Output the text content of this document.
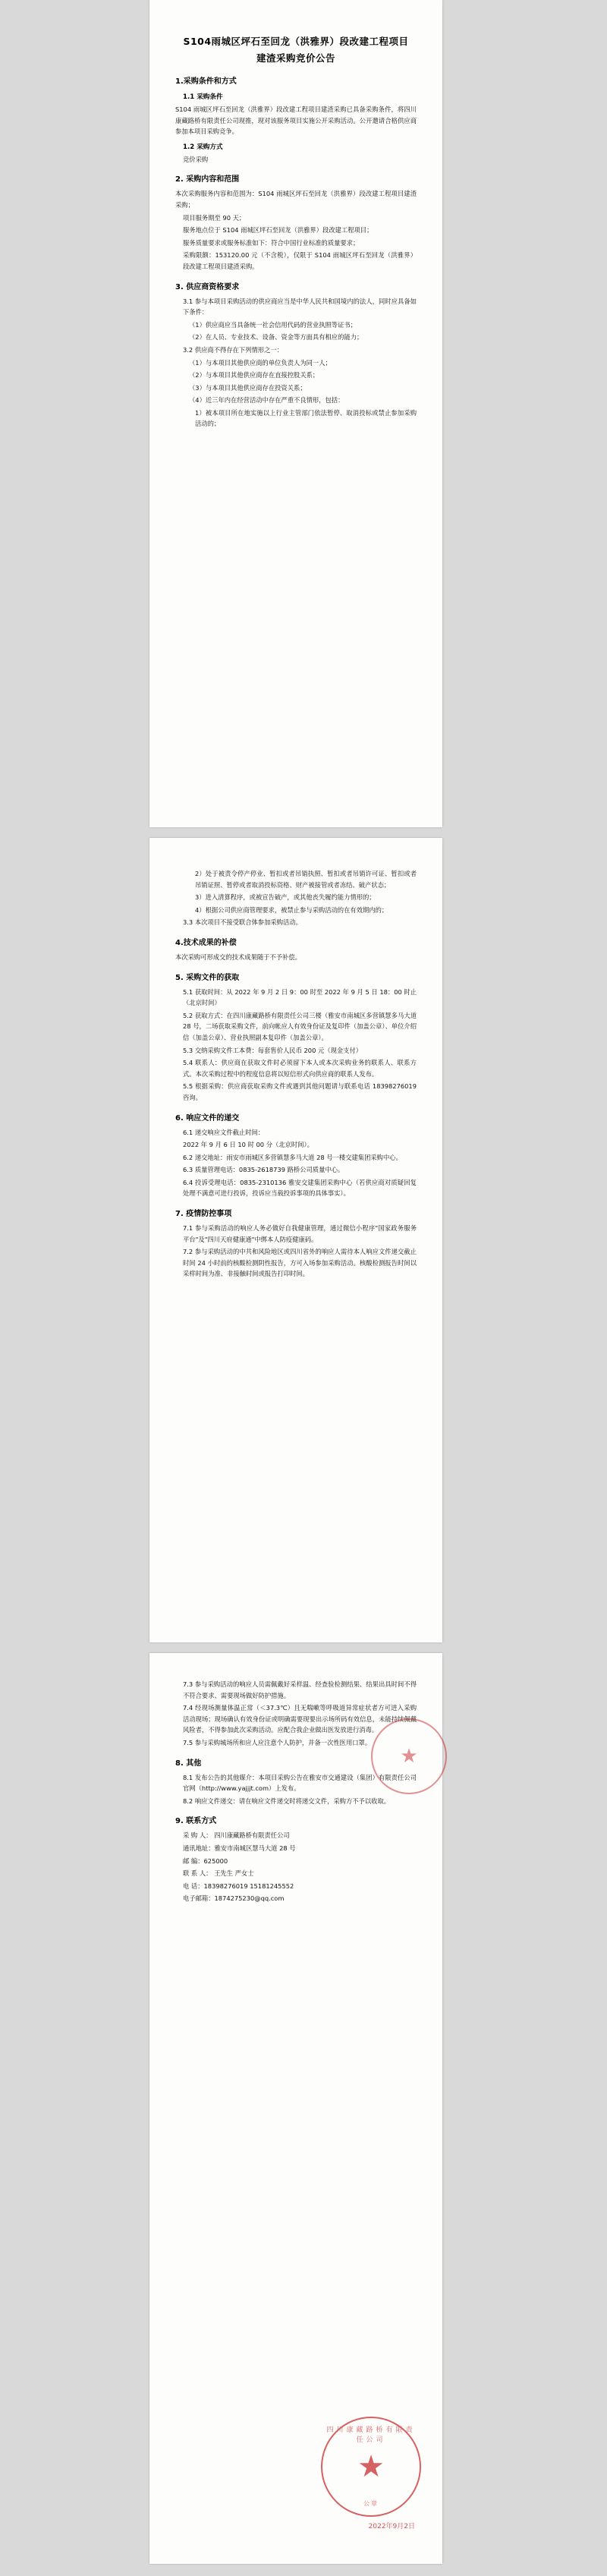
S104雨城区坪石至回龙（洪雅界）段改建工程项目
建渣采购竞价公告
1.采购条件和方式
1.1 采购条件

S104 雨城区坪石至回龙（洪雅界）段改建工程项目建渣采购已具备采购条件，将四川康藏路桥有限责任公司现推，现对该服务项目实施公开采购活动。公开邀请合格供应商参加本项目采购竞争。

1.2 采购方式

竞价采购

2. 采购内容和范围

本次采购服务内容和范围为：S104 雨城区坪石至回龙（洪雅界）段改建工程项目建渣采购；

项目服务期至 90 天；

服务地点位于 S104 雨城区坪石至回龙（洪雅界）段改建工程项目；

服务质量要求或服务标准如下：符合中国行业标准的质量要求；

采购限额：153120.00 元（不含税），仅限于 S104 雨城区坪石至回龙（洪雅界）段改建工程项目建渣采购。

3. 供应商资格要求

3.1 参与本项目采购活动的供应商应当是中华人民共和国境内的法人，同时应具备如下条件：

（1）供应商应当具备统一社会信用代码的营业执照等证书；

（2）在人员、专业技术、设备、资金等方面具有相应的能力；

3.2 供应商不得存在下列情形之一：

（1）与本项目其他供应商的单位负责人为同一人；

（2）与本项目其他供应商存在直接控股关系；

（3）与本项目其他供应商存在投资关系；

（4）近三年内在经营活动中存在严重不良情形，包括：

1）被本项目所在地实施以上行业主管部门依法暂停、取消投标或禁止参加采购活动的；

2）处于被责令停产停业、暂扣或者吊销执照、暂扣或者吊销许可证、暂扣或者吊销证照、暂停或者取消投标资格、财产被接管或者冻结、破产状态；

3）进入清算程序，或被宣告破产，或其他丧失履约能力情形的；

4）根据公司供应商管理要求，被禁止参与采购活动的在有效期内的；

3.3 本次项目不接受联合体参加采购活动。

4.技术成果的补偿

本次采购可形成交的技术成果随于不予补偿。

5. 采购文件的获取

5.1 获取时间：从 2022 年 9 月 2 日 9：00 时至 2022 年 9 月 5 日 18：00 时止（北京时间）

5.2 获取方式：在四川康藏路桥有限责任公司三楼（雅安市南城区多营镇慧多马大道 28 号，二场获取采购文件，前向帐应人有效身份证及复印件（加盖公章）、单位介绍信（加盖公章）、营业执照副本复印件（加盖公章）。

5.3 交纳采购文件工本费：每套售价人民币 200 元（现金支付）

5.4 联系人：供应商在获取文件时必须留下本人或本次采购业务的联系人、联系方式。本次采购过程中的程度信息将以短信形式向供应商的联系人发布。

5.5 根据采购：供应商获取采购文件或遇到其他问题请与联系电话 18398276019 咨询。

6. 响应文件的递交

6.1 递交响应文件截止时间：

2022 年 9 月 6 日 10 时 00 分（北京时间）。

6.2 递交地址：雨安市雨城区多营镇慧多马大道 28 号一楼交建集团采购中心。

6.3 质量管理电话：0835-2618739 路桥公司质量中心。

6.4 投诉受理电话：0835-2310136 雅安交建集团采购中心（若供应商对质疑回复处理不满意可进行投诉，投诉应当载投诉事项的具体事实）。

7. 疫情防控事项

7.1 参与采购活动的响应人务必做好自我健康管理，通过微信小程序"国家政务服务平台"及"四川天府健康通"中绑本人防疫健康码。

7.2 参与采购活动的中共和风险地区或四川省外的响应人需待本人响应文件递交截止时间 24 小时前的核酸检测阴性报告，方可入场参加采购活动。核酸检测报告时间以采样时间为准、非接触时间或报告打印时间。

7.3 参与采购活动的响应人员需佩戴好采样温、经查验检测结果、结果出具时间不得不符合要求、需要现场做好防护措施。

7.4 经现场测量体温正常（＜37.3℃）且无喘嗽等呼吸道异常症状者方可进入采购活动现场；现场确认有效身份证或明确需要现要出示场所码有效信息，未能持续佩戴风险者，不得参加此次采购活动。应配合我企业做出医发放进行消毒。

7.5 参与采购城场所和应人应注意个人防护，并备一次性医用口罩。

8. 其他

8.1 发布公告的其他媒介：本项目采购公告在雅安市交通建设（集团）有限责任公司官网（http://www.yajjjt.com）上发布。

8.2 响应文件递交：请在响应文件递交时将递交文件，采购方不予以收取。

9. 联系方式

采 购 人： 四川康藏路桥有限责任公司

通讯地址：雅安市南城区慧马大道 28 号

邮 编：625000

联 系 人： 王先生 严女士

电 话：18398276019 15181245552

电子邮箱：1874275230@qq.com

★
四川康藏路桥有限责任公司
★
公章
2022年9月2日
